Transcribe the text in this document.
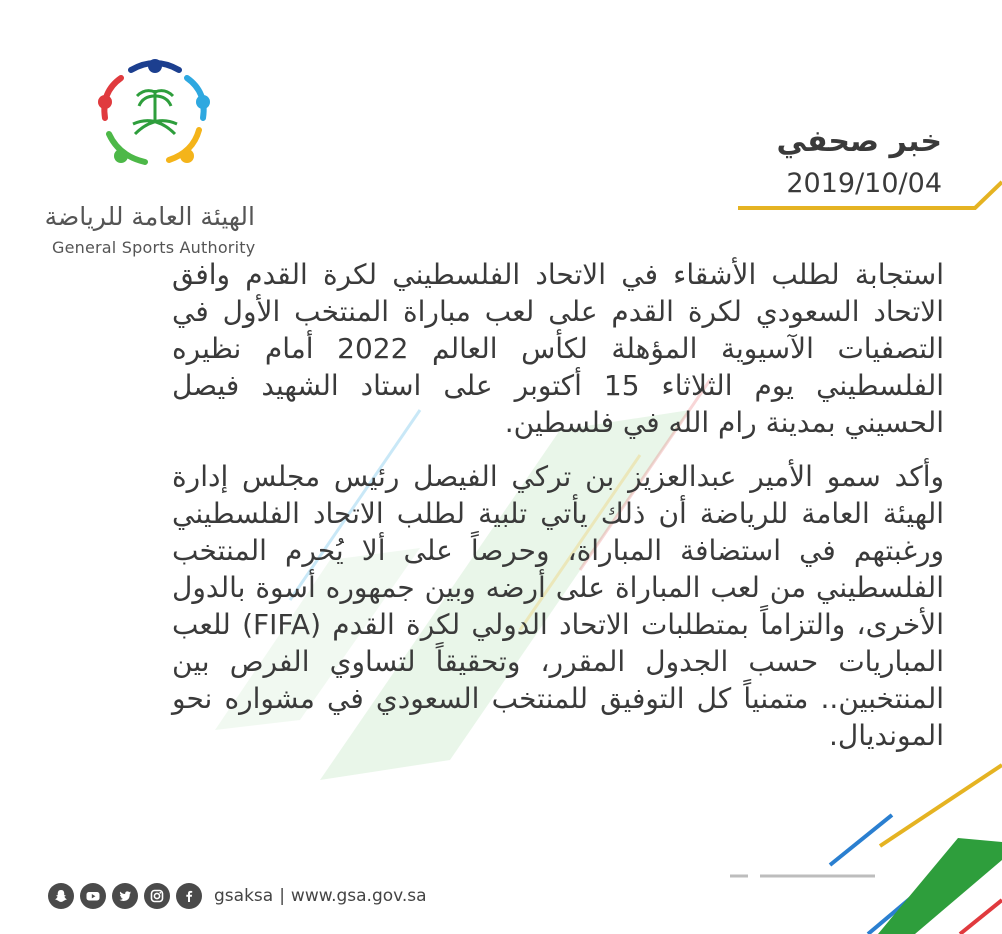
الهيئة العامة للرياضة
General Sports Authority
خبر صحفي
2019/10/04

استجابة لطلب الأشقاء في الاتحاد الفلسطيني لكرة القدم وافق الاتحاد السعودي لكرة القدم على لعب مباراة المنتخب الأول في التصفيات الآسيوية المؤهلة لكأس العالم 2022 أمام نظيره الفلسطيني يوم الثلاثاء 15 أكتوبر على استاد الشهيد فيصل الحسيني بمدينة رام الله في فلسطين.

وأكد سمو الأمير عبدالعزيز بن تركي الفيصل رئيس مجلس إدارة الهيئة العامة للرياضة أن ذلك يأتي تلبية لطلب الاتحاد الفلسطيني ورغبتهم في استضافة المباراة، وحرصاً على ألا يُحرم المنتخب الفلسطيني من لعب المباراة على أرضه وبين جمهوره أسوة بالدول الأخرى، والتزاماً بمتطلبات الاتحاد الدولي لكرة القدم (FIFA) للعب المباريات حسب الجدول المقرر، وتحقيقاً لتساوي الفرص بين المنتخبين.. متمنياً كل التوفيق للمنتخب السعودي في مشواره نحو المونديال.

gsaksa | www.gsa.gov.sa
